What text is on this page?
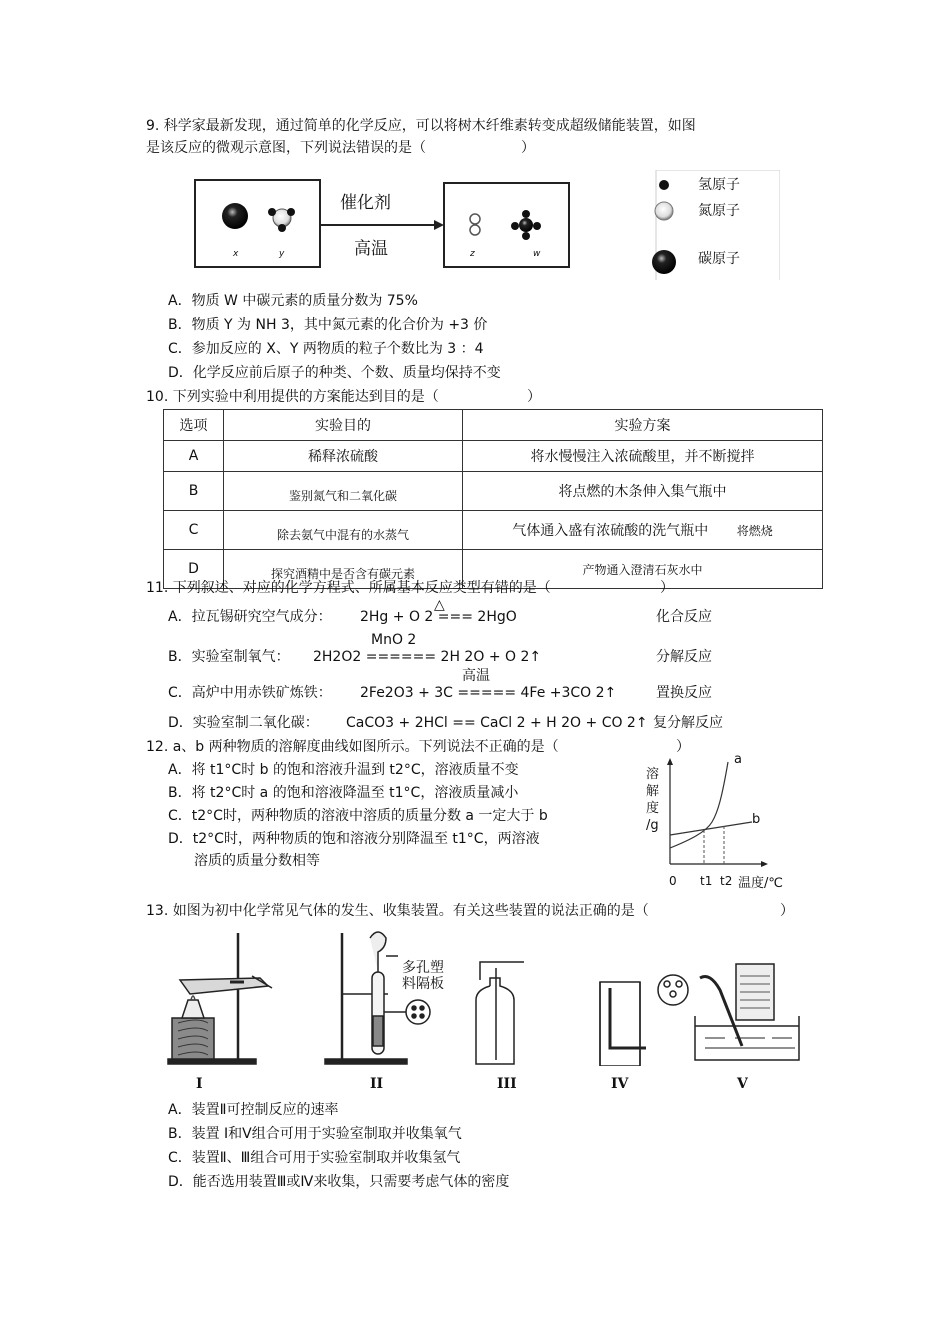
9. 科学家最新发现，通过简单的化学反应，可以将树木纤维素转变成超级储能装置，如图
是该反应的微观示意图，下列说法错误的是（	）
催化剂
高温
x	y	z	w
氢原子
氮原子
碳原子
A．物质 W 中碳元素的质量分数为 75%
B．物质 Y 为 NH 3，其中氮元素的化合价为 +3 价
C．参加反应的 X、Y 两物质的粒子个数比为 3 ：4
D．化学反应前后原子的种类、个数、质量均保持不变
10. 下列实验中利用提供的方案能达到目的是（	）
选项	实验目的	实验方案
A	稀释浓硫酸	将水慢慢注入浓硫酸里，并不断搅拌
B	鉴别氮气和二氧化碳	将点燃的木条伸入集气瓶中
C	除去氨气中混有的水蒸气	气体通入盛有浓硫酸的洗气瓶中 将燃烧
D	探究酒精中是否含有碳元素	产物通入澄清石灰水中
11. 下列叙述、对应的化学方程式、所属基本反应类型有错的是（	）
△
A．拉瓦锡研究空气成分： 2Hg + O 2 === 2HgO	化合反应
MnO 2
B．实验室制氧气： 2H2O2 ====== 2H 2O + O 2↑	分解反应
高温
C．高炉中用赤铁矿炼铁： 2Fe2O3 + 3C ===== 4Fe +3CO 2↑	置换反应
D．实验室制二氧化碳： CaCO3 + 2HCl == CaCl 2 + H 2O + CO 2↑ 复分解反应
12. a、b 两种物质的溶解度曲线如图所示。下列说法不正确的是（	）
A．将 t1°C时 b 的饱和溶液升温到 t2°C，溶液质量不变
B．将 t2°C时 a 的饱和溶液降温至 t1°C，溶液质量减小
C．t2°C时，两种物质的溶液中溶质的质量分数 a 一定大于 b
D．t2°C时，两种物质的饱和溶液分别降温至 t1°C，两溶液
溶质的质量分数相等
溶
解
度
/g
a
b
0 t1 t2 温度/℃
13. 如图为初中化学常见气体的发生、收集装置。有关这些装置的说法正确的是（	）
多孔塑
料隔板
I	II	III	IV	V
A．装置Ⅱ可控制反应的速率
B．装置 Ⅰ和Ⅴ组合可用于实验室制取并收集氧气
C．装置Ⅱ、Ⅲ组合可用于实验室制取并收集氢气
D．能否选用装置Ⅲ或Ⅳ来收集，只需要考虑气体的密度
